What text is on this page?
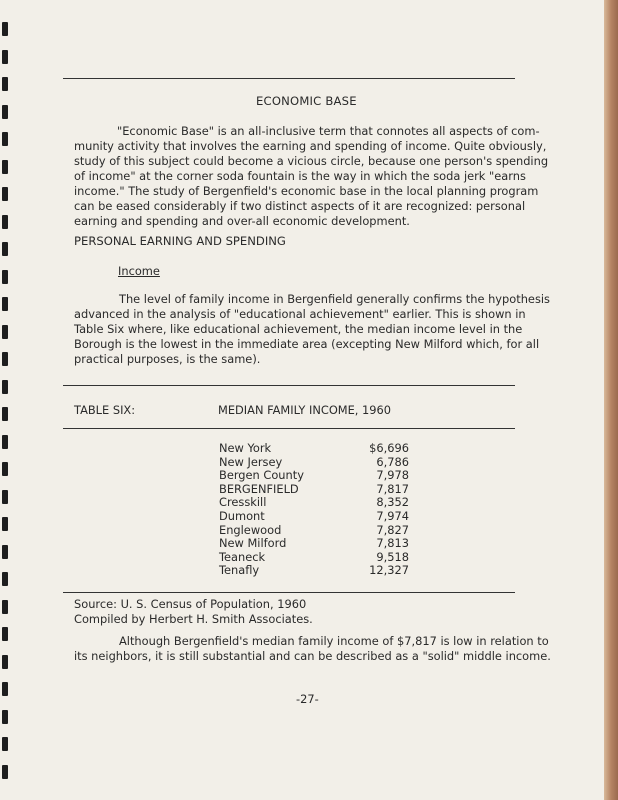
ECONOMIC BASE
"Economic Base" is an all-inclusive term that connotes all aspects of com-
munity activity that involves the earning and spending of income. Quite obviously,
study of this subject could become a vicious circle, because one person's spending
of income" at the corner soda fountain is the way in which the soda jerk "earns
income." The study of Bergenfield's economic base in the local planning program
can be eased considerably if two distinct aspects of it are recognized: personal
earning and spending and over-all economic development.
PERSONAL EARNING AND SPENDING
Income
The level of family income in Bergenfield generally confirms the hypothesis
advanced in the analysis of "educational achievement" earlier. This is shown in
Table Six where, like educational achievement, the median income level in the
Borough is the lowest in the immediate area (excepting New Milford which, for all
practical purposes, is the same).
TABLE SIX:	MEDIAN FAMILY INCOME, 1960
New York	$6,696
New Jersey	6,786
Bergen County	7,978
BERGENFIELD	7,817
Cresskill	8,352
Dumont	7,974
Englewood	7,827
New Milford	7,813
Teaneck	9,518
Tenafly	12,327
Source: U. S. Census of Population, 1960
Compiled by Herbert H. Smith Associates.
Although Bergenfield's median family income of $7,817 is low in relation to
its neighbors, it is still substantial and can be described as a "solid" middle income.
-27-
